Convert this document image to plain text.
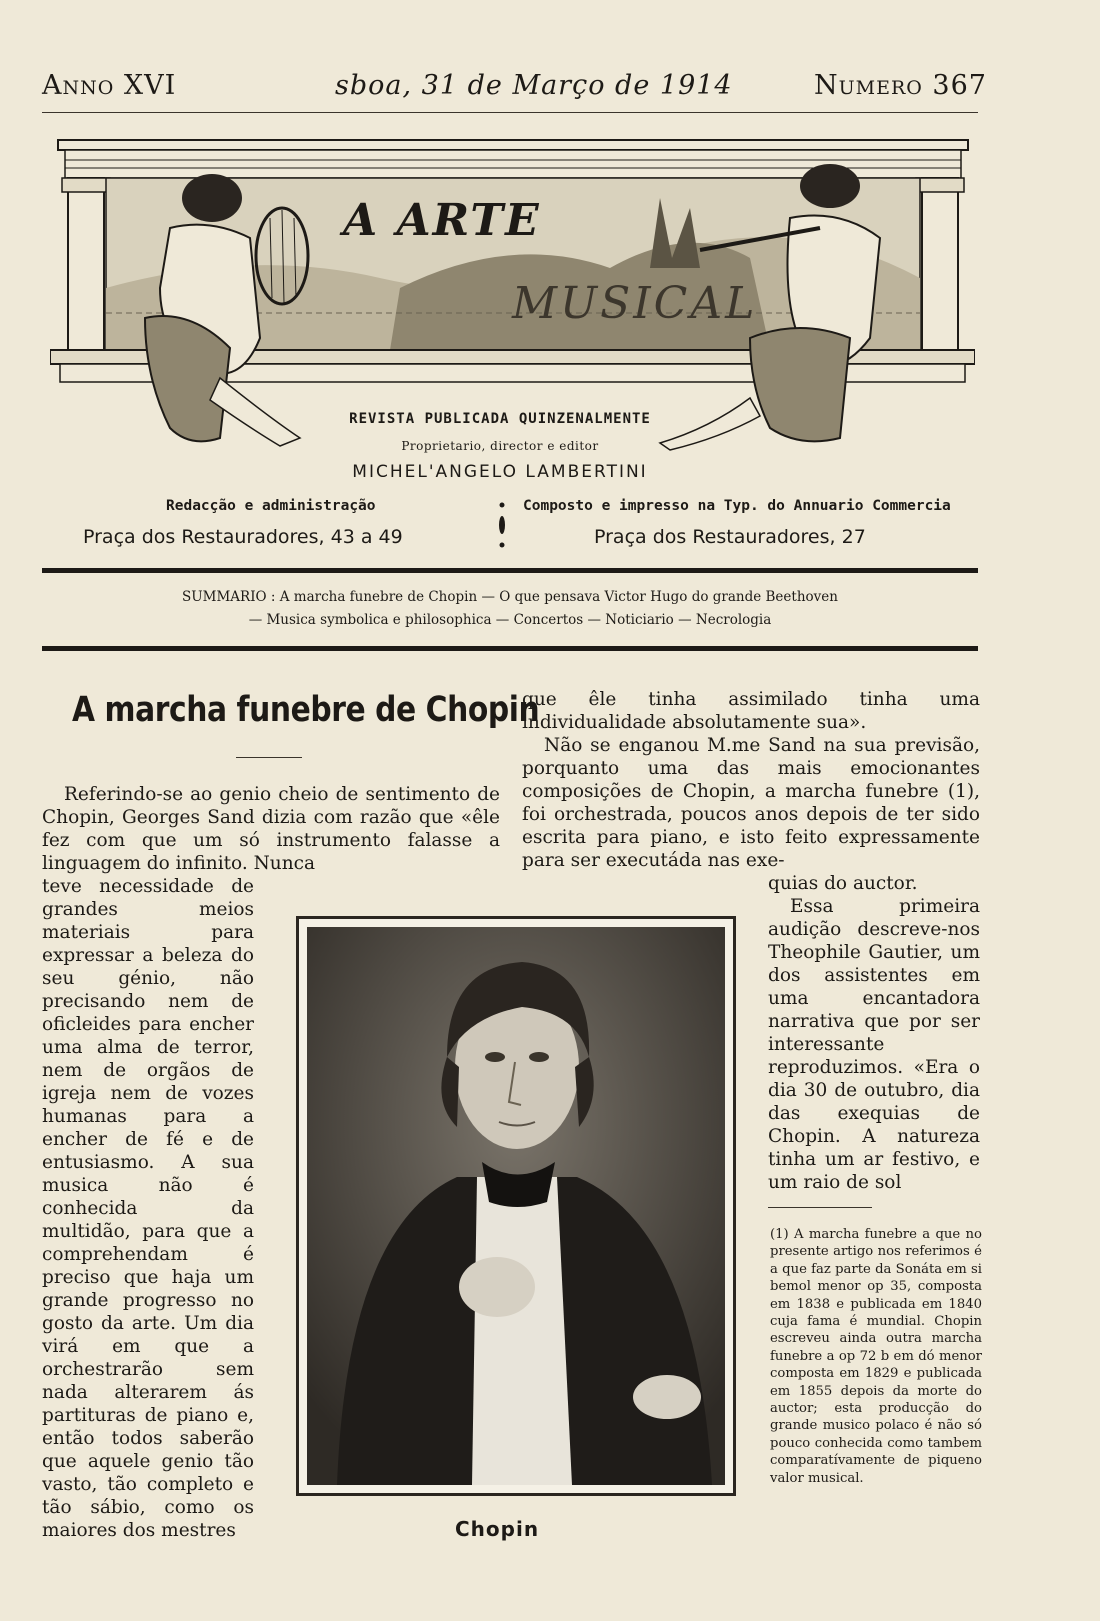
Anno XVI	sboa, 31 de Março de 1914	Numero 367
A ARTE
MUSICAL
REVISTA PUBLICADA QUINZENALMENTE
Proprietario, director e editor
MICHEL'ANGELO LAMBERTINI
Redacção e administração
Praça dos Restauradores, 43 a 49
Composto e impresso na Typ. do Annuario Commercia
Praça dos Restauradores, 27
SUMMARIO : A marcha funebre de Chopin — O que pensava Victor Hugo do grande Beethoven
— Musica symbolica e philosophica — Concertos — Noticiario — Necrologia
A marcha funebre de Chopin
Referindo-se ao genio cheio de sentimento de Chopin, Georges Sand dizia com razão que «êle fez com que um só instrumento falasse a linguagem do infinito. Nunca
teve necessidade de grandes meios materiais para expressar a beleza do seu génio, não precisando nem de oficleides para encher uma alma de terror, nem de orgãos de igreja nem de vozes humanas para a encher de fé e de entusiasmo. A sua musica não é conhecida da multidão, para que a comprehendam é preciso que haja um grande progresso no gosto da arte. Um dia virá em que a orchestrarão sem nada alterarem ás partituras de piano e, então todos saberão que aquele genio tão vasto, tão completo e tão sábio, como os maiores dos mestres
que êle tinha assimilado tinha uma individualidade absolutamente sua».
Não se enganou M.me Sand na sua previsão, porquanto uma das mais emocionantes composições de Chopin, a marcha funebre (1), foi orchestrada, poucos anos depois de ter sido escrita para piano, e isto feito expressamente para ser executáda nas exe-
quias do auctor.
Essa primeira audição descreve-nos Theophile Gautier, um dos assistentes em uma encantadora narrativa que por ser interessante reproduzimos. «Era o dia 30 de outubro, dia das exequias de Chopin. A natureza tinha um ar festivo, e um raio de sol
Chopin
(1) A marcha funebre a que no presente artigo nos referimos é a que faz parte da Sonáta em si bemol menor op 35, composta em 1838 e publicada em 1840 cuja fama é mundial. Chopin escreveu ainda outra marcha funebre a op 72 b em dó menor composta em 1829 e publicada em 1855 depois da morte do auctor; esta producção do grande musico polaco é não só pouco conhecida como tambem comparatívamente de piqueno valor musical.
